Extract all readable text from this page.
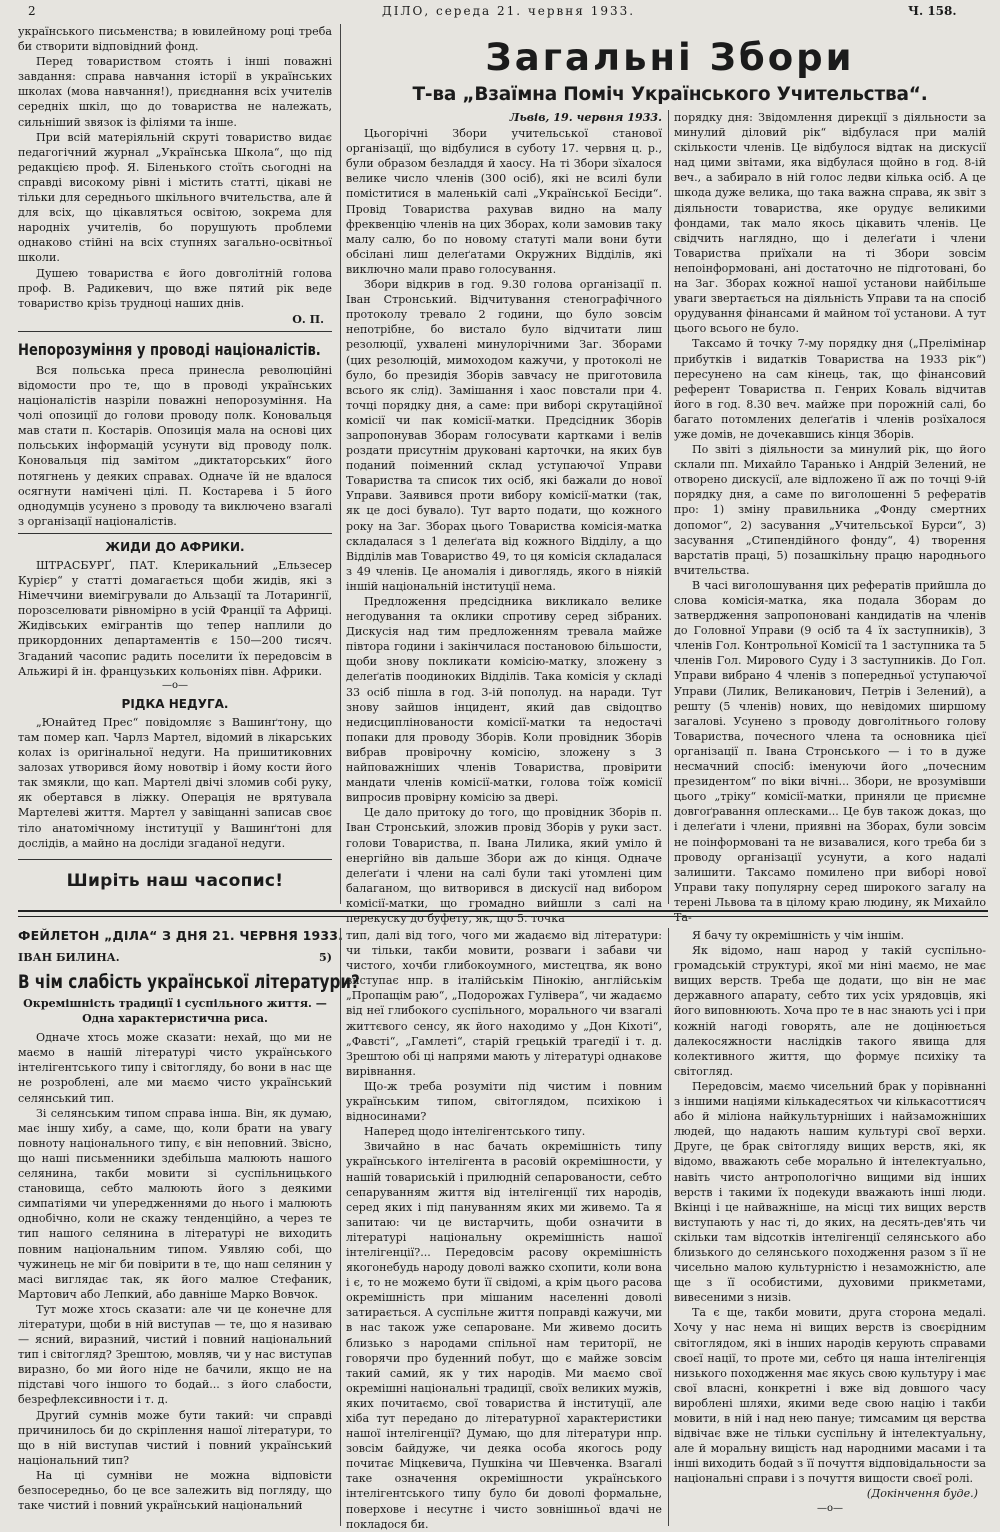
2	ДІЛО, середа 21. червня 1933.	Ч. 158.

українського письменства; в ювилейному році треба би створити відповідний фонд.

Перед товариством стоять і інші поважні завдання: справа навчання історії в українських школах (мова навчання!), приєднання всіх учителів середніх шкіл, що до товариства не належать, сильніший звязок із філіями та інше.

При всій матеріяльній скруті товариство видає педагогічний журнал „Українська Школа“, що під редакцією проф. Я. Біленького стоїть сьогодні на справді високому рівні і містить статті, цікаві не тільки для середнього шкільного вчительства, але й для всіх, що цікавляться освітою, зокрема для народніх учителів, бо порушують проблеми однаково стійні на всіх ступнях загально-освітньої школи.

Душею товариства є його довголітній голова проф. В. Радикевич, що вже пятий рік веде товариство крізь трудноці наших днів.

О. П.
Непорозуміння у проводі націоналістів.

Вся польська преса принесла революційні відомости про те, що в проводі українських націоналістів назріли поважні непорозуміння. На чолі опозиції до голови проводу полк. Коновальця мав стати п. Костарів. Опозиція мала на основі цих польських інформацій усунути від проводу полк. Коновальця під замітом „диктаторських“ його потягнень у деяких справах. Одначе їй не вдалося осягнути намічені цілі. П. Костарева і 5 його однодумців усунено з проводу та виключено взагалі з організації націоналістів.

ЖИДИ ДО АФРИКИ.

ШТРАСБУРҐ, ПАТ. Клерикальний „Ельзесер Курієр“ у статті домагається щоби жидів, які з Німеччини виемігрували до Альзації та Лотарингії, порозселювати рівномірно в усій Франції та Африці. Жидівських емігрантів що тепер наплили до прикордонних департаментів є 150—200 тисяч. Згаданий часопис радить поселити їх передовсім в Альжирі й ін. французьких кольоніях півн. Африки.

—o—
РІДКА НЕДУГА.

„Юнайтед Прес“ повідомляє з Вашинґтону, що там помер кап. Чарлз Мартел, відомий в лікарських колах із оригінальної недуги. На пришитиковних залозах утворився йому новотвір і йому кости його так змякли, що кап. Мартелі двічі зломив собі руку, як обертався в ліжку. Операція не врятувала Мартелеві життя. Мартел у завіщанні записав своє тіло анатомічному інституції у Вашинґтоні для дослідів, а майно на досліди згаданої недуги.

Ширіть наш часопис!
Загальні Збори
Т-ва „Взаїмна Поміч Українського Учительства“.
Львів, 19. червня 1933.

Цьогорічні Збори учительської станової організації, що відбулися в суботу 17. червня ц. р., були образом безладдя й хаосу. На ті Збори зїхалося велике число членів (300 осіб), які не всилі були поміститися в маленькій салі „Української Бесіди“. Провід Товариства рахував видно на малу фреквенцію членів на цих Зборах, коли замовив таку малу салю, бо по новому статуті мали вони бути обсілані лиш делеґатами Окружних Відділів, які виключно мали право голосування.

Збори відкрив в год. 9.30 голова організації п. Іван Стронський. Відчитування стенографічного протоколу тревало 2 години, що було зовсім непотрібне, бо вистало було відчитати лиш резолюції, ухвалені минулорічними Заг. Зборами (цих резолюцій, мимоходом кажучи, у протоколі не було, бо президія Зборів завчасу не приготовила всього як слід). Замішання і хаос повстали при 4. точці порядку дня, а саме: при виборі скрутаційної комісії чи пак комісії-матки. Предсідник Зборів запропонував Зборам голосувати картками і велів роздати присутнім друковані карточки, на яких був поданий поіменний склад уступаючої Управи Товариства та список тих осіб, які бажали до нової Управи. Заявився проти вибору комісії-матки (так, як це досі бувало). Тут варто подати, що кожного року на Заг. Зборах цього Товариства комісія-матка складалася з 1 делеґата від кожного Відділу, а що Відділів мав Товариство 49, то ця комісія складалася з 49 членів. Це аномалія і дивоглядь, якого в ніякій іншій національній інституції нема.

Предложення предсідника викликало велике негодування та оклики спротиву серед зібраних. Дискусія над тим предложенням тревала майже півтора години і закінчилася постановою більшости, щоби знову покликати комісію-матку, зложену з делеґатів поодиноких Відділів. Така комісія у складі 33 осіб пішла в год. 3-ій пополуд. на наради. Тут знову зайшов інцидент, який дав свідоцтво недисциплінованости комісії-матки та недостачі попаки для проводу Зборів. Коли провідник Зборів вибрав провірочну комісію, зложену з 3 найповажніших членів Товариства, провірити мандати членів комісії-матки, голова тоїж комісії випросив провірну комісію за двері.

Це дало притоку до того, що провідник Зборів п. Іван Стронський, зложив провід Зборів у руки заст. голови Товариства, п. Івана Лилика, який уміло й енергійно вів дальше Збори аж до кінця. Одначе делеґати і члени на салі були такі утомлені цим балаганом, що витворився в дискусії над вибором комісії-матки, що громадно вийшли з салі на перекуску до буфету, як, що 5. точка

порядку дня: Звідомлення дирекції з діяльности за минулий діловий рік“ відбулася при малій скількости членів. Це відбулося відтак на дискусії над цими звітами, яка відбулася щойно в год. 8-ій веч., а забирало в ній голос ледви кілька осіб. А це шкода дуже велика, що така важна справа, як звіт з діяльности товариства, яке орудує великими фондами, так мало якось цікавить членів. Це свідчить наглядно, що і делеґати і члени Товариства приїхали на ті Збори зовсім непоінформовані, ані достаточно не підготовані, бо на Заг. Зборах кожної нашої установи найбільше уваги звертається на діяльність Управи та на спосіб орудування фінансами й майном тої установи. А тут цього всього не було.

Таксамо й точку 7-му порядку дня („Прелімінар прибутків і видатків Товариства на 1933 рік“) пересунено на сам кінець, так, що фінансовий референт Товариства п. Генрих Коваль відчитав його в год. 8.30 веч. майже при порожній салі, бо багато потомлених делеґатів і членів розїхалося уже домів, не дочекавшись кінця Зборів.

По звіті з діяльности за минулий рік, що його склали пп. Михайло Таранько і Андрій Зелений, не отворено дискусії, але відложено її аж по точці 9-ій порядку дня, а саме по виголошенні 5 рефератів про: 1) зміну правильника „Фонду смертних допомог“, 2) засування „Учительської Бурси“, 3) засування „Стипендійного фонду“, 4) творення варстатів праці, 5) позашкільну працю народнього вчительства.

В часі виголошування цих рефератів прийшла до слова комісія-матка, яка подала Зборам до затвердження запропоновані кандидатів на членів до Головної Управи (9 осіб та 4 їх заступників), 3 членів Гол. Контрольної Комісії та 1 заступника та 5 членів Гол. Мирового Суду і 3 заступників. До Гол. Управи вибрано 4 членів з попередньої уступаючої Управи (Лилик, Великанович, Петрів і Зелений), а решту (5 членів) нових, що невідомих ширшому загалові. Усунено з проводу довголітнього голову Товариства, почесного члена та основника цієї організації п. Івана Стронського — і то в дуже несмачний спосіб: іменуючи його „почесним президентом“ по віки вічні... Збори, не врозумівши цього „тріку“ комісії-матки, приняли це приємне довгоґравання оплесками... Це був також доказ, що і делеґати і члени, приявні на Зборах, були зовсім не поінформовані та не визавалися, кого треба би з проводу організації усунути, а кого надалі залишити. Таксамо помилено при виборі нової Управи таку популярну серед широкого загалу на терені Львова та в цілому краю людину, як Михайло Та-

ФЕЙЛЕТОН „ДІЛА“ З ДНЯ 21. ЧЕРВНЯ 1933.
ІВАН БИЛИНА.	5)
В чім слабість української літератури?
Окремішність традиції і суспільного життя. — Одна характеристична риса.

Одначе хтось може сказати: нехай, що ми не маємо в нашій літературі чисто українського інтелігентського типу і світогляду, бо вони в нас ще не розроблені, але ми маємо чисто український селянський тип.

Зі селянським типом справа інша. Він, як думаю, має іншу хибу, а саме, що, коли брати на увагу повноту національного типу, є він неповний. Звісно, що наші письменники здебільша малюють нашого селянина, такби мовити зі суспільницького становища, себто малюють його з деякими симпатіями чи упередженнями до нього і малюють однобічно, коли не скажу тенденційно, а через те тип нашого селянина в літературі не виходить повним національним типом. Уявляю собі, що чужинець не міг би повірити в те, що наш селянин у масі виглядає так, як його малюе Стефаник, Мартович або Лепкий, або давніше Марко Вовчок.

Тут може хтось сказати: але чи це конечне для літератури, щоби в ній виступав — те, що я називаю — ясний, виразний, чистий і повний національний тип і світогляд? Зрештою, мовляв, чи у нас виступав виразно, бо ми його ніде не бачили, якщо не на підставі чого іншого то бодай... з його слабости, безрефлексивности і т. д.

Другий сумнів може бути такий: чи справді причинилось би до скріплення нашої літератури, то що в ній виступав чистий і повний український національний тип?

На ці сумніви не можна відповісти безпосередньо, бо це все залежить від погляду, що таке чистий і повний український національний

тип, далі від того, чого ми жадаємо від літератури: чи тільки, такби мовити, розваги і забави чи чистого, хочби глибокоумного, мистецтва, як воно виступає нпр. в італійськім Пінокію, англійськім „Пропащім раю“, „Подорожах Гулівера“, чи жадаємо від неї глибокого суспільного, морального чи взагалі життєвого сенсу, як його находимо у „Дон Кіхоті“, „Фавсті“, „Гамлеті“, старій грецькій трагедії і т. д. Зрештою обі ці напрями мають у літературі однакове вирівнання.

Що-ж треба розуміти під чистим і повним українським типом, світоглядом, психікою і відносинами?

Наперед щодо інтелігентського типу.

Звичайно в нас бачать окремішність типу українського інтелігента в расовій окремішности, у нашій товариській і прилюдній сепарованости, себто сепаруванням життя від інтелігенції тих народів, серед яких і під пануванням яких ми живемо. Та я запитаю: чи це вистарчить, щоби означити в літературі національну окремішність нашої інтелігенції?... Передовсім расову окремішність якогонебудь народу доволі важко схопити, коли вона і є, то не можемо бути її свідомі, а крім цього расова окремішність при мішаним населенні доволі затирається. А суспільне життя поправді кажучи, ми в нас також уже сепароване. Ми живемо досить близько з народами спільної нам території, не говорячи про буденний побут, що є майже зовсім такий самий, як у тих народів. Ми маємо свої окремішні національні традиції, своїх великих мужів, яких почитаємо, свої товариства й інституції, але хіба тут передано до літературної характеристики нашої інтелігенції? Думаю, що для літератури нпр. зовсім байдуже, чи деяка особа якогось роду почитає Міцкевича, Пушкіна чи Шевченка. Взагалі таке означення окремішности українського інтелігентського типу було би доволі формальне, поверхове і несутнє і чисто зовнішньої вдачі не покладося би.

Я бачу ту окремішність у чім іншім.

Як відомо, наш народ у такій суспільно-громадській структурі, якої ми ніні маємо, не має вищих верств. Треба ще додати, що він не має державного апарату, себто тих усіх урядовців, які його виповнюють. Хоча про те в нас знають усі і при кожній нагоді говорять, але не доцінюється далекосяжности наслідків такого явища для колективного життя, що формує психіку та світогляд.

Передовсім, маємо чисельний брак у порівнанні з іншими націями кількадесятьох чи кількасоттисяч або й міліона найкультурніших і найзаможніших людей, що надають нашим культурі свої верхи. Друге, це брак світогляду вищих верств, які, як відомо, вважають себе морально й інтелектуально, навіть чисто антропологічно вищими від інших верств і такими їх подекуди вважають інші люди. Вкінці і це найважніше, на місці тих вищих верств виступають у нас ті, до яких, на десять-дев'ять чи скільки там відсотків інтелігенції селянського або близького до селянського походження разом з її не чисельно малою культурністю і незаможністю, але ще з її особистими, духовими прикметами, вивесеними з низів.

Та є ще, такби мовити, друга сторона медалі. Хочу у нас нема ні вищих верств із своєрідним світоглядом, які в інших народів керують справами своєї нації, то проте ми, себто ця наша інтелігенція низького походження має якусь свою культуру і має свої власні, конкретні і вже від довшого часу вироблені шляхи, якими веде свою націю і такби мовити, в ній і над нею пануе; тимсамим ця верства відвічає вже не тільки суспільну й інтелектуальну, але й моральну вищість над народними масами і та інші виходить бодай з її почуття відповідальности за національні справи і з почуття вищости своєї ролі.

(Докінчення буде.)
—o—
